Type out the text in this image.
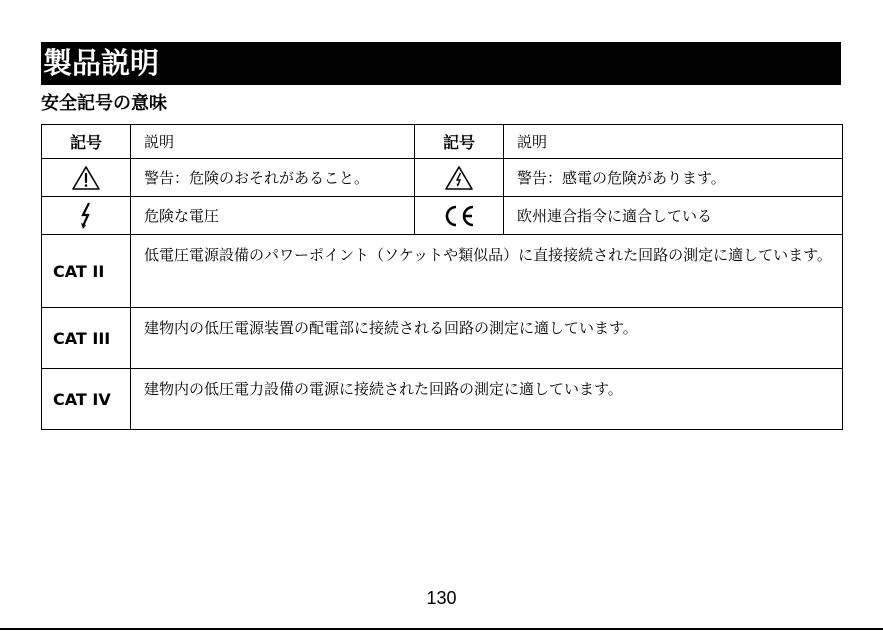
製品説明
安全記号の意味
記号	説明	記号	説明
	警告：危険のおそれがあること。		警告：感電の危険があります。
	危険な電圧		欧州連合指令に適合している
CAT II	低電圧電源設備のパワーポイント（ソケットや類似品）に直接接続された回路の測定に適しています。		
CAT III	建物内の低圧電源装置の配電部に接続される回路の測定に適しています。		
CAT IV	建物内の低圧電力設備の電源に接続された回路の測定に適しています。		
130
